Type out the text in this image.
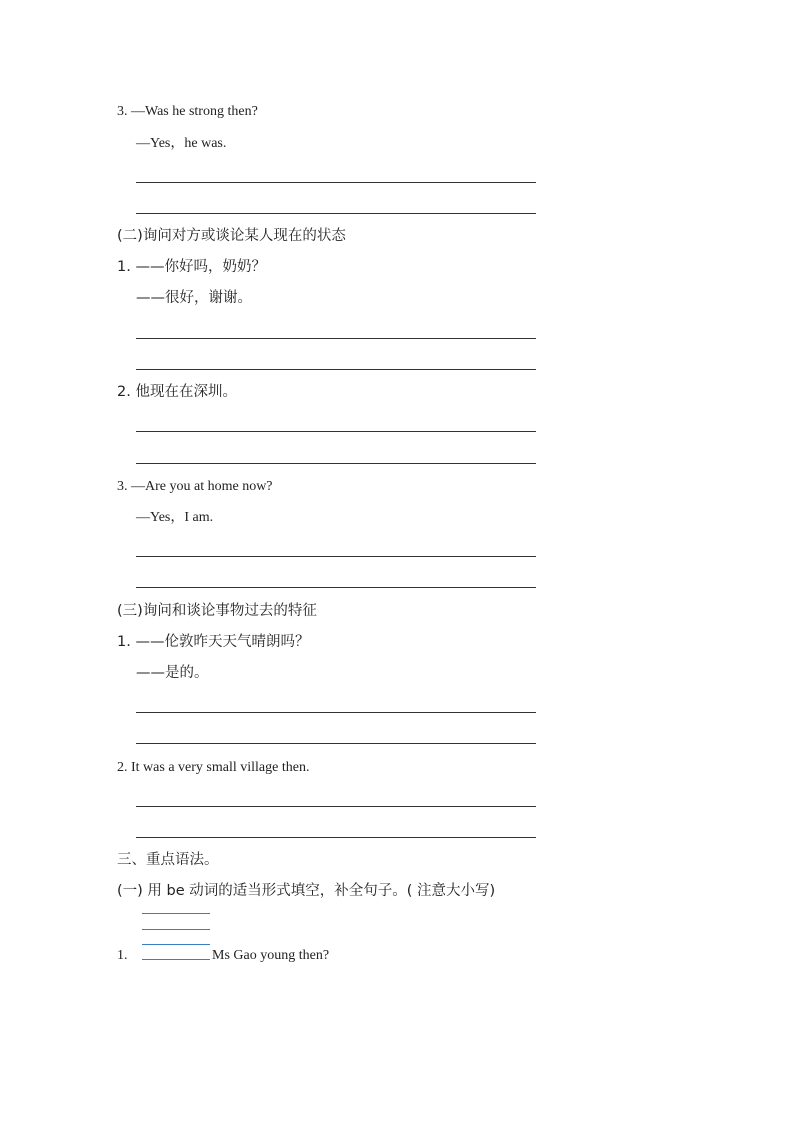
3. —Was he strong then?
—Yes，he was.
(二)询问对方或谈论某人现在的状态
1. ——你好吗，奶奶？
——很好，谢谢。
2. 他现在在深圳。
3. —Are you at home now?
—Yes，I am.
(三)询问和谈论事物过去的特征
1. ——伦敦昨天天气晴朗吗？
——是的。
2. It was a very small village then.
三、重点语法。
(一) 用 be 动词的适当形式填空，补全句子。( 注意大小写)
1.	Ms Gao young then?
